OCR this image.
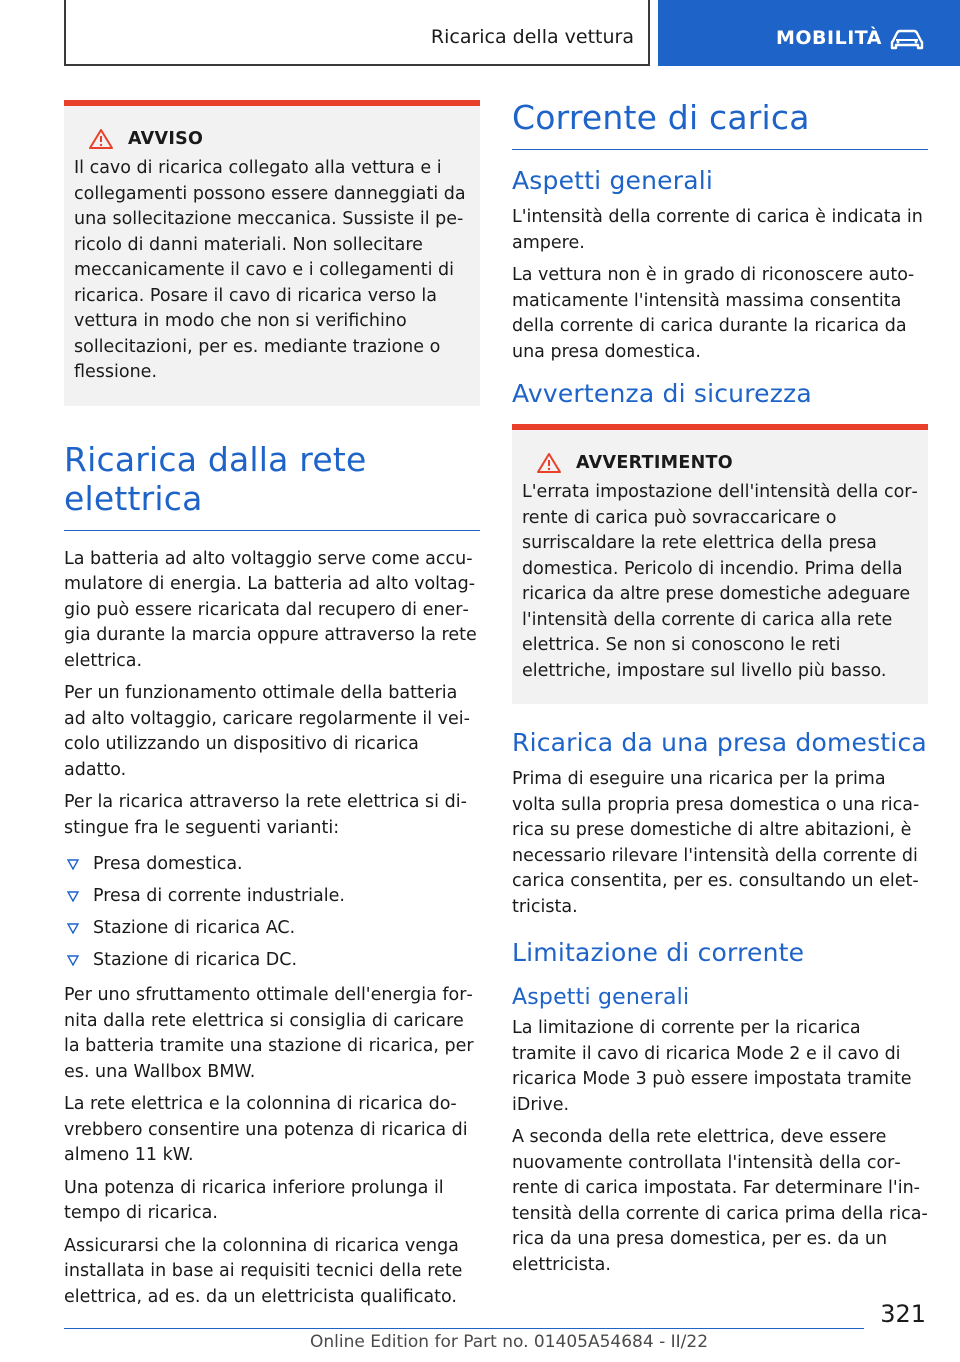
Ricarica della vettura	MOBILITÀ
AVVISO

Il cavo di ricarica collegato alla vettura e i collegamenti possono essere danneggiati da una sollecitazione meccanica. Sussiste il pericolo di danni materiali. Non sollecitare meccanicamente il cavo e i collegamenti di ricarica. Posare il cavo di ricarica verso la vettura in modo che non si verifichino sollecitazioni, per es. mediante trazione o flessione.

Ricarica dalla rete elettrica

La batteria ad alto voltaggio serve come accumulatore di energia. La batteria ad alto voltaggio può essere ricaricata dal recupero di energia durante la marcia oppure attraverso la rete elettrica.

Per un funzionamento ottimale della batteria ad alto voltaggio, caricare regolarmente il veicolo utilizzando un dispositivo di ricarica adatto.

Per la ricarica attraverso la rete elettrica si distingue fra le seguenti varianti:

Presa domestica.
Presa di corrente industriale.
Stazione di ricarica AC.
Stazione di ricarica DC.

Per uno sfruttamento ottimale dell'energia fornita dalla rete elettrica si consiglia di caricare la batteria tramite una stazione di ricarica, per es. una Wallbox BMW.

La rete elettrica e la colonnina di ricarica dovrebbero consentire una potenza di ricarica di almeno 11 kW.

Una potenza di ricarica inferiore prolunga il tempo di ricarica.

Assicurarsi che la colonnina di ricarica venga installata in base ai requisiti tecnici della rete elettrica, ad es. da un elettricista qualificato.

Corrente di carica
Aspetti generali

L'intensità della corrente di carica è indicata in ampere.

La vettura non è in grado di riconoscere automaticamente l'intensità massima consentita della corrente di carica durante la ricarica da una presa domestica.

Avvertenza di sicurezza
AVVERTIMENTO

L'errata impostazione dell'intensità della corrente di carica può sovraccaricare o surriscaldare la rete elettrica della presa domestica. Pericolo di incendio. Prima della ricarica da altre prese domestiche adeguare l'intensità della corrente di carica alla rete elettrica. Se non si conoscono le reti elettriche, impostare sul livello più basso.

Ricarica da una presa domestica

Prima di eseguire una ricarica per la prima volta sulla propria presa domestica o una ricarica su prese domestiche di altre abitazioni, è necessario rilevare l'intensità della corrente di carica consentita, per es. consultando un elettricista.

Limitazione di corrente
Aspetti generali

La limitazione di corrente per la ricarica tramite il cavo di ricarica Mode 2 e il cavo di ricarica Mode 3 può essere impostata tramite iDrive.

A seconda della rete elettrica, deve essere nuovamente controllata l'intensità della corrente di carica impostata. Far determinare l'intensità della corrente di carica prima della ricarica da una presa domestica, per es. da un elettricista.

321
Online Edition for Part no. 01405A54684 - II/22
